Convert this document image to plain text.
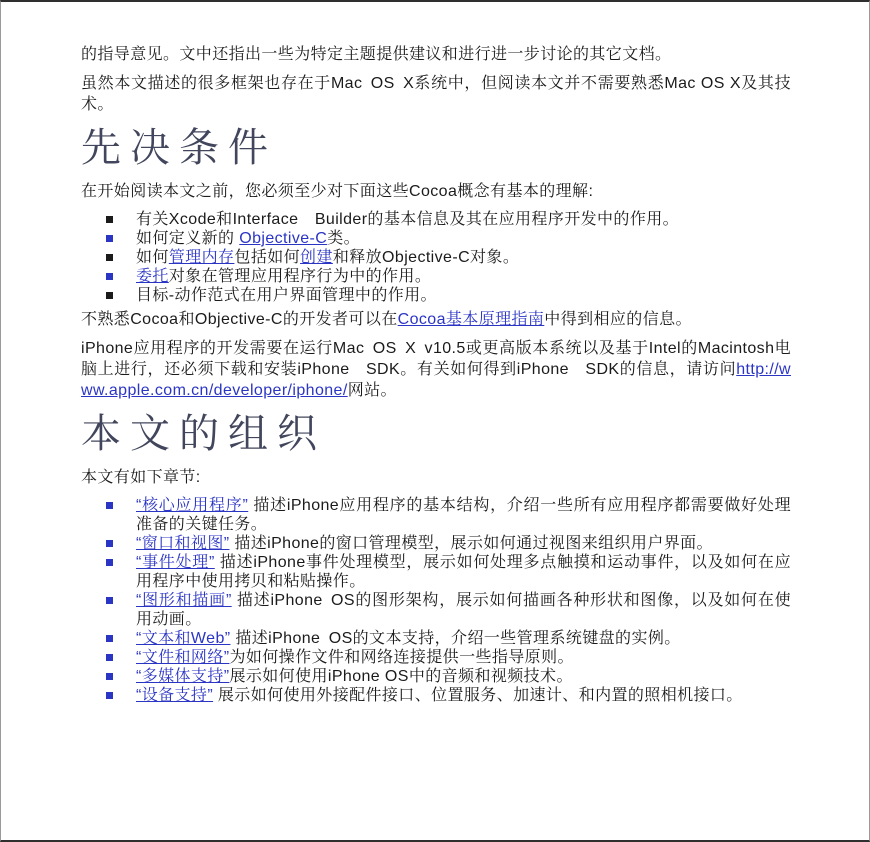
的指导意见。文中还指出一些为特定主题提供建议和进行进一步讨论的其它文档。

虽然本文描述的很多框架也存在于Mac OS X系统中，但阅读本文并不需要熟悉Mac OS X及其技术。

先决条件

在开始阅读本文之前，您必须至少对下面这些Cocoa概念有基本的理解:

有关Xcode和Interface Builder的基本信息及其在应用程序开发中的作用。
如何定义新的 Objective-C类。
如何管理内存包括如何创建和释放Objective-C对象。
委托对象在管理应用程序行为中的作用。
目标-动作范式在用户界面管理中的作用。

不熟悉Cocoa和Objective-C的开发者可以在Cocoa基本原理指南中得到相应的信息。

iPhone应用程序的开发需要在运行Mac OS X v10.5或更高版本系统以及基于Intel的Macintosh电脑上进行，还必须下载和安装iPhone SDK。有关如何得到iPhone SDK的信息，请访问http://www.apple.com.cn/developer/iphone/网站。

本文的组织

本文有如下章节:

“核心应用程序” 描述iPhone应用程序的基本结构，介绍一些所有应用程序都需要做好处理准备的关键任务。
“窗口和视图” 描述iPhone的窗口管理模型，展示如何通过视图来组织用户界面。
“事件处理” 描述iPhone事件处理模型，展示如何处理多点触摸和运动事件，以及如何在应用程序中使用拷贝和粘贴操作。
“图形和描画” 描述iPhone OS的图形架构，展示如何描画各种形状和图像，以及如何在使用动画。
“文本和Web” 描述iPhone OS的文本支持，介绍一些管理系统键盘的实例。
“文件和网络”为如何操作文件和网络连接提供一些指导原则。
“多媒体支持”展示如何使用iPhone OS中的音频和视频技术。
“设备支持” 展示如何使用外接配件接口、位置服务、加速计、和内置的照相机接口。
